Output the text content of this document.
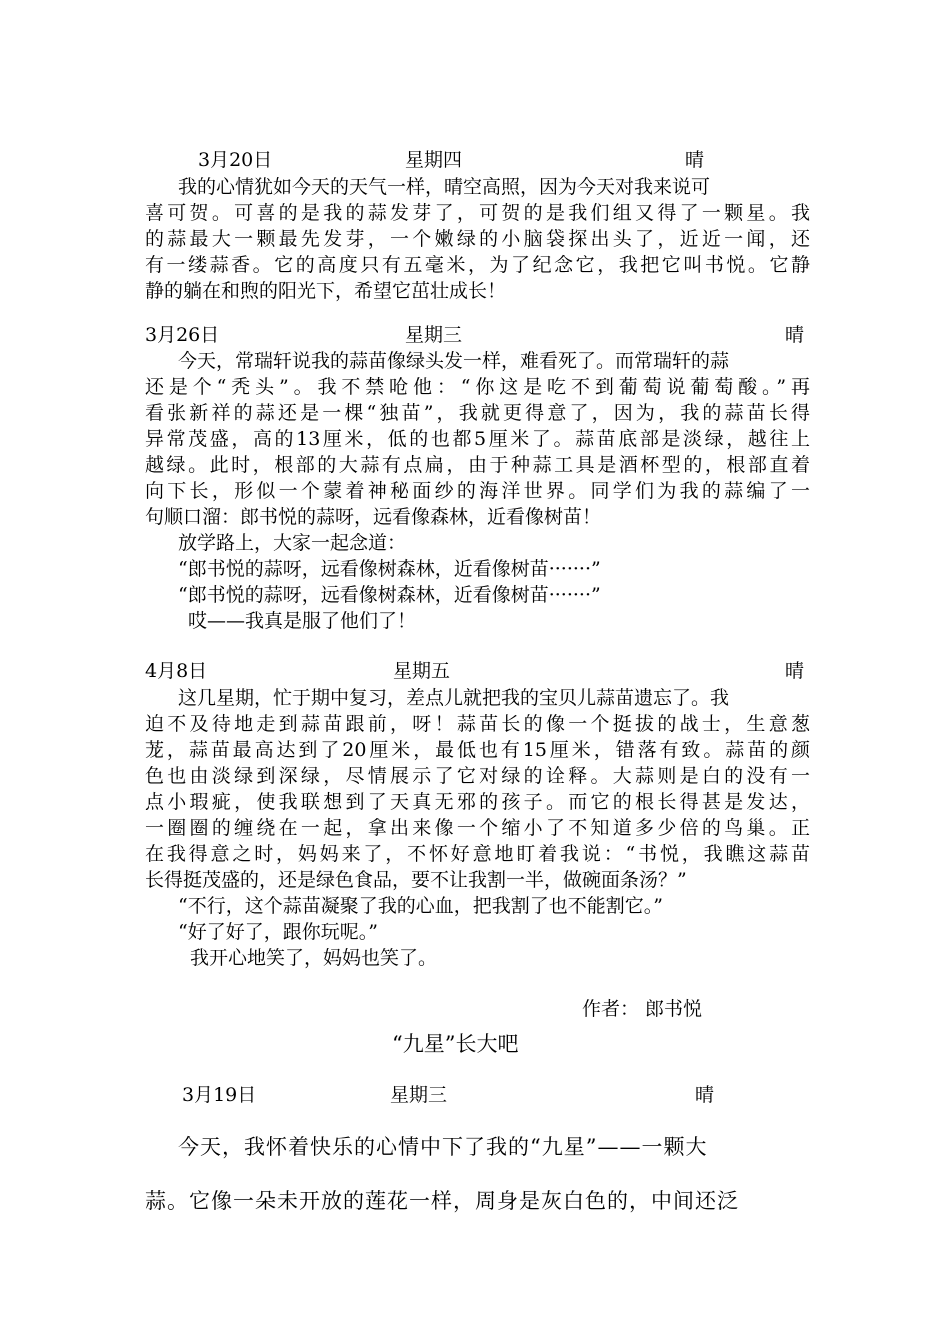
3月20日	星期四	晴
我的心情犹如今天的天气一样，晴空高照，因为今天对我来说可
喜可贺。可喜的是我的蒜发芽了，可贺的是我们组又得了一颗星。我
的蒜最大一颗最先发芽，一个嫩绿的小脑袋探出头了，近近一闻，还
有一缕蒜香。它的高度只有五毫米，为了纪念它，我把它叫书悦。它静
静的躺在和煦的阳光下，希望它茁壮成长！
3月26日	星期三	晴
今天，常瑞轩说我的蒜苗像绿头发一样，难看死了。而常瑞轩的蒜
还是个“秃头”。我不禁呛他：“你这是吃不到葡萄说葡萄酸。”再
看张新祥的蒜还是一棵“独苗”，我就更得意了，因为，我的蒜苗长得
异常茂盛，高的13厘米，低的也都5厘米了。蒜苗底部是淡绿，越往上
越绿。此时，根部的大蒜有点扁，由于种蒜工具是酒杯型的，根部直着
向下长，形似一个蒙着神秘面纱的海洋世界。同学们为我的蒜编了一
句顺口溜：郎书悦的蒜呀，远看像森林，近看像树苗！
放学路上，大家一起念道：
“郎书悦的蒜呀，远看像树森林，近看像树苗·······”
“郎书悦的蒜呀，远看像树森林，近看像树苗·······”
哎——我真是服了他们了！
4月8日	星期五	晴
这几星期，忙于期中复习，差点儿就把我的宝贝儿蒜苗遗忘了。我
迫不及待地走到蒜苗跟前，呀！蒜苗长的像一个挺拔的战士，生意葱
茏，蒜苗最高达到了20厘米，最低也有15厘米，错落有致。蒜苗的颜
色也由淡绿到深绿，尽情展示了它对绿的诠释。大蒜则是白的没有一
点小瑕疵，使我联想到了天真无邪的孩子。而它的根长得甚是发达，
一圈圈的缠绕在一起，拿出来像一个缩小了不知道多少倍的鸟巢。正
在我得意之时，妈妈来了，不怀好意地盯着我说：“书悦，我瞧这蒜苗
长得挺茂盛的，还是绿色食品，要不让我割一半，做碗面条汤？”
“不行，这个蒜苗凝聚了我的心血，把我割了也不能割它。”
“好了好了，跟你玩呢。”
我开心地笑了，妈妈也笑了。
作者： 郎书悦
“九星”长大吧
3月19日	星期三	晴
今天，我怀着快乐的心情中下了我的“九星”——一颗大
蒜。它像一朵未开放的莲花一样，周身是灰白色的，中间还泛
